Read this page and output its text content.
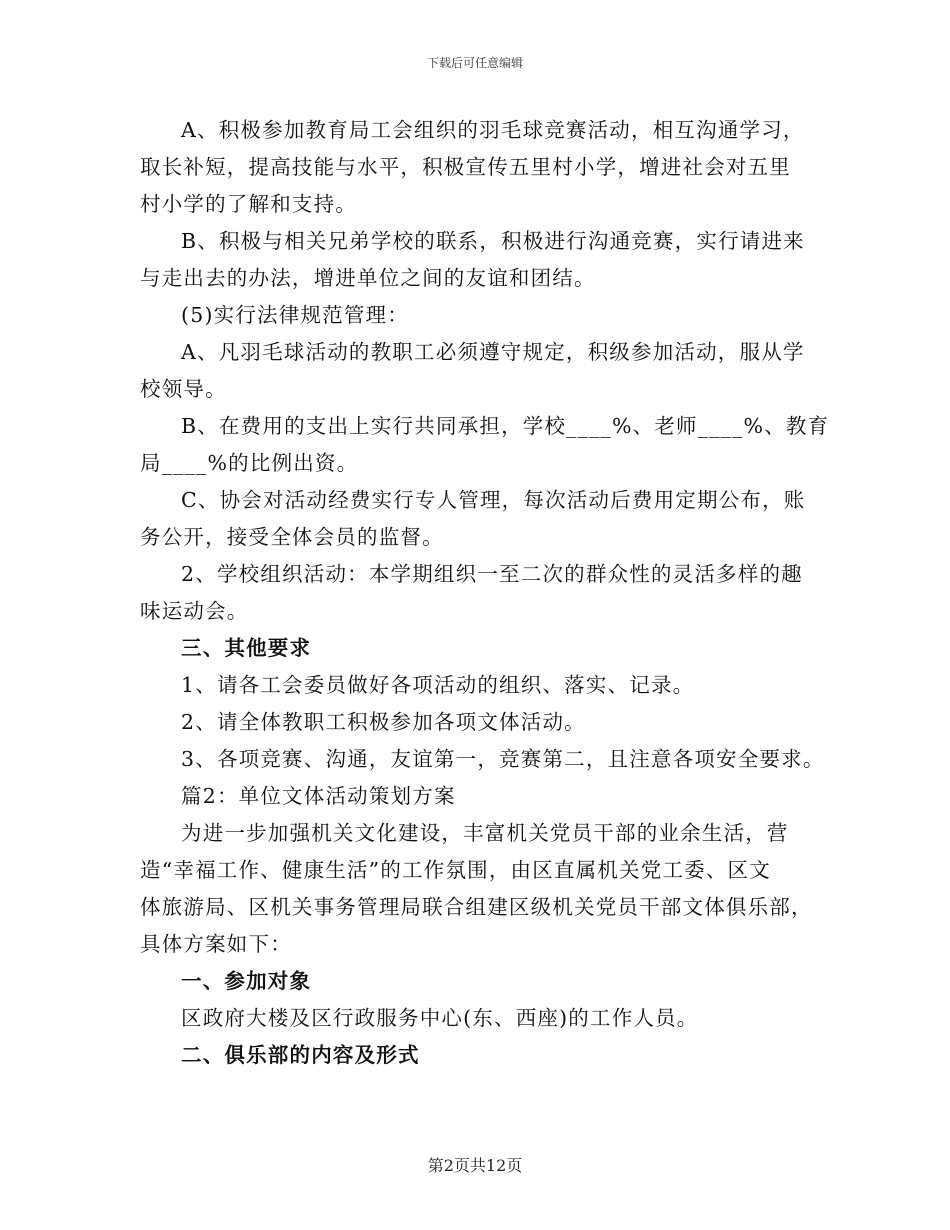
下载后可任意编辑
A、积极参加教育局工会组织的羽毛球竞赛活动，相互沟通学习，
取长补短，提高技能与水平，积极宣传五里村小学，增进社会对五里
村小学的了解和支持。
B、积极与相关兄弟学校的联系，积极进行沟通竞赛，实行请进来
与走出去的办法，增进单位之间的友谊和团结。
(5)实行法律规范管理：
A、凡羽毛球活动的教职工必须遵守规定，积级参加活动，服从学
校领导。
B、在费用的支出上实行共同承担，学校____%、老师____%、教育
局____%的比例出资。
C、协会对活动经费实行专人管理，每次活动后费用定期公布，账
务公开，接受全体会员的监督。
2、学校组织活动：本学期组织一至二次的群众性的灵活多样的趣
味运动会。
三、其他要求
1、请各工会委员做好各项活动的组织、落实、记录。
2、请全体教职工积极参加各项文体活动。
3、各项竞赛、沟通，友谊第一，竞赛第二，且注意各项安全要求。
篇2：单位文体活动策划方案
为进一步加强机关文化建设，丰富机关党员干部的业余生活，营
造“幸福工作、健康生活”的工作氛围，由区直属机关党工委、区文
体旅游局、区机关事务管理局联合组建区级机关党员干部文体俱乐部，
具体方案如下：
一、参加对象
区政府大楼及区行政服务中心(东、西座)的工作人员。
二、俱乐部的内容及形式
第2页共12页
